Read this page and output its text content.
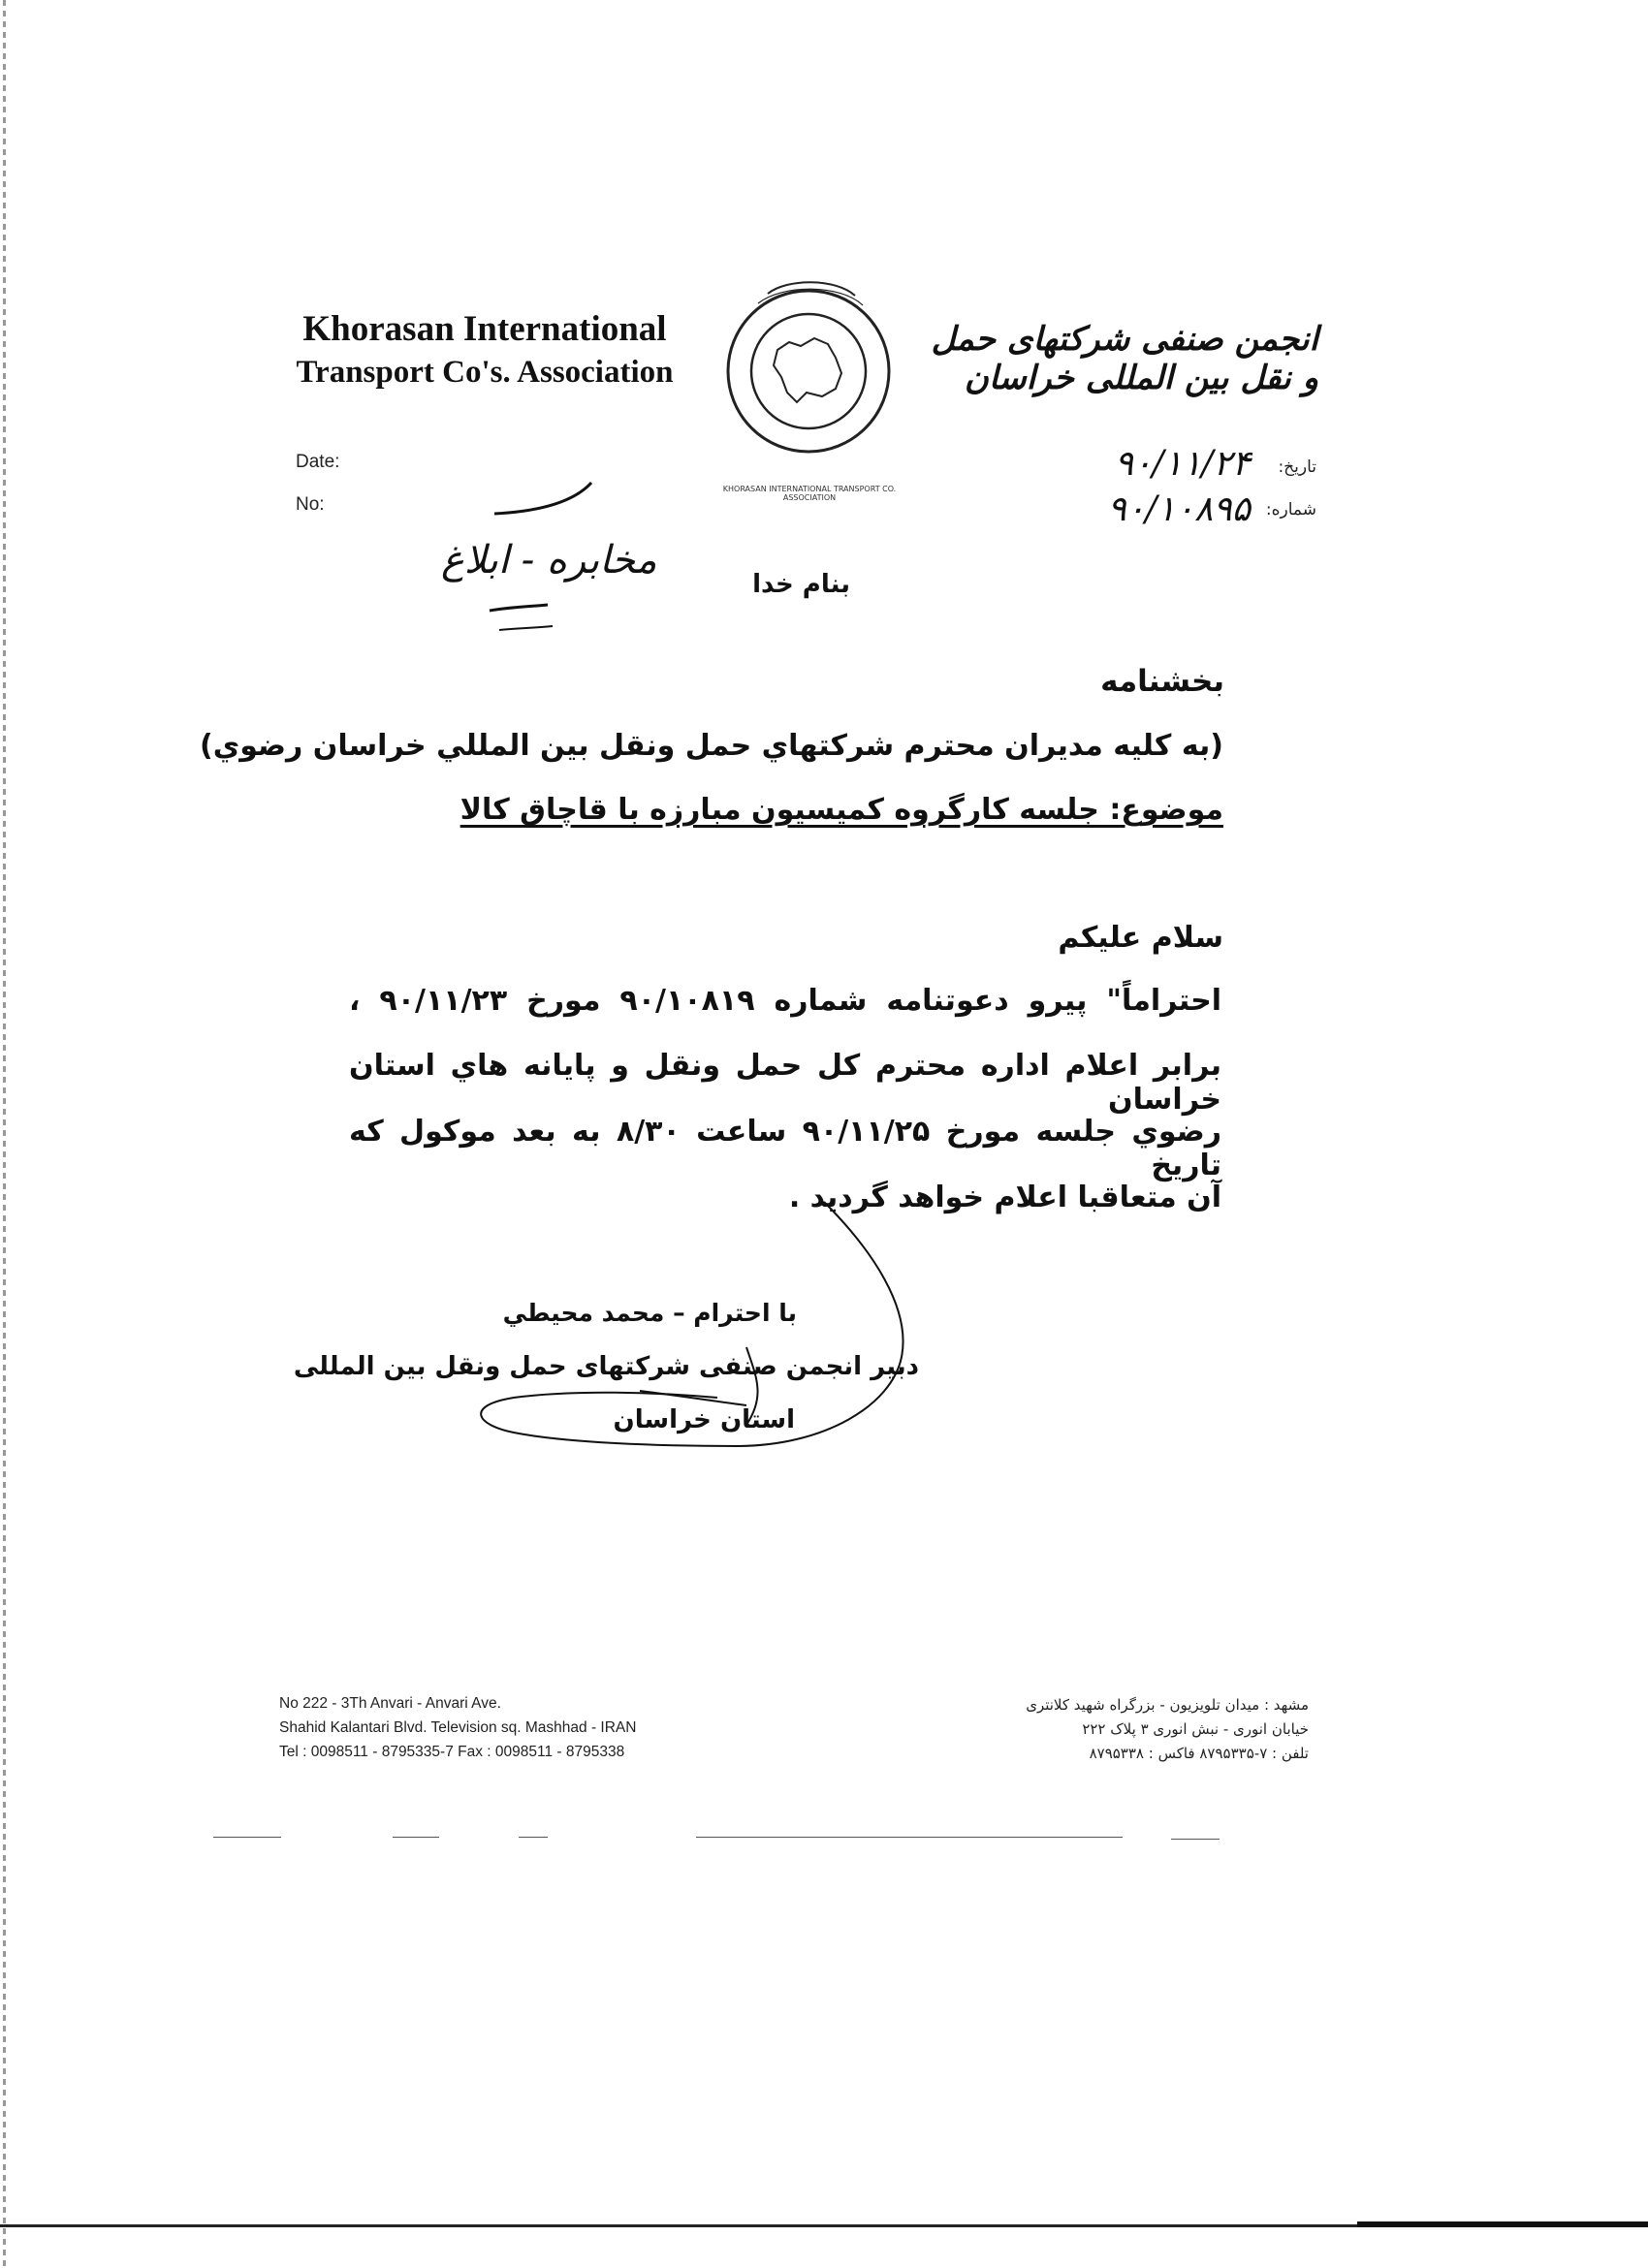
Khorasan International
Transport Co's. Association
KHORASAN INTERNATIONAL TRANSPORT CO. ASSOCIATION
انجمن صنفی شرکتهای حمل و نقل بین المللی خراسان
Date:
No:
تاریخ:
شماره:
۹۰/۱۱/۲۴
۹۰/۱۰۸۹۵
مخابره - ابلاغ
بنام خدا
بخشنامه
(به كليه مديران محترم شركتهاي حمل ونقل بين المللي خراسان رضوي)
موضوع: جلسه كارگروه كميسيون مبارزه با قاچاق كالا
سلام عليكم
احتراماً" پيرو دعوتنامه شماره ۹۰/۱۰۸۱۹ مورخ ۹۰/۱۱/۲۳ ،
برابر اعلام اداره محترم كل حمل ونقل و پايانه هاي استان خراسان
رضوي جلسه مورخ ۹۰/۱۱/۲۵ ساعت ۸/۳۰ به بعد موكول كه تاريخ
آن متعاقبا اعلام خواهد گرديد .
با احترام – محمد محيطي
دبیر انجمن صنفی شرکتهای حمل ونقل بین المللی
استان خراسان
No 222 - 3Th Anvari - Anvari Ave.
Shahid Kalantari Blvd. Television sq. Mashhad - IRAN
Tel : 0098511 - 8795335-7 Fax : 0098511 - 8795338
مشهد : میدان تلویزیون - بزرگراه شهید کلانتری
خیابان انوری - نبش انوری ۳ پلاک ۲۲۲
تلفن : ۷-۸۷۹۵۳۳۵ فاکس : ۸۷۹۵۳۳۸
